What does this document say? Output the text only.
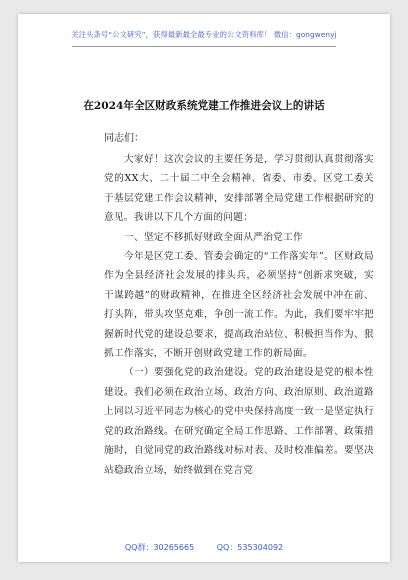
关注头条号“公文研究”，获得最新最全最专业的公文资料库！ 微信：gongwenyj
在2024年全区财政系统党建工作推进会议上的讲话

同志们：

大家好！这次会议的主要任务是，学习贯彻认真贯彻落实党的XX大、二十届二中全会精神、省委、市委、区党工委关于基层党建工作会议精神，安排部署全局党建工作根据研究的意见。我讲以下几个方面的问题：

一、坚定不移抓好财政全面从严治党工作

今年是区党工委、管委会确定的“工作落实年”。区财政局作为全县经济社会发展的排头兵，必须坚持“创新求突破，实干谋跨越”的财政精神，在推进全区经济社会发展中冲在前、打头阵，带头攻坚克难，争创一流工作。为此，我们要牢牢把握新时代党的建设总要求，提高政治站位、积极担当作为、狠抓工作落实，不断开创财政党建工作的新局面。

（一）要强化党的政治建设。党的政治建设是党的根本性建设。我们必须在政治立场、政治方向、政治原则、政治道路上同以习近平同志为核心的党中央保持高度一致一是坚定执行党的政治路线。在研究确定全局工作思路、工作部署、政策措施时，自觉同党的政治路线对标对表、及时校准偏差。要坚决站稳政治立场，始终做到在党言党

QQ群：30265665	QQ：535304092
